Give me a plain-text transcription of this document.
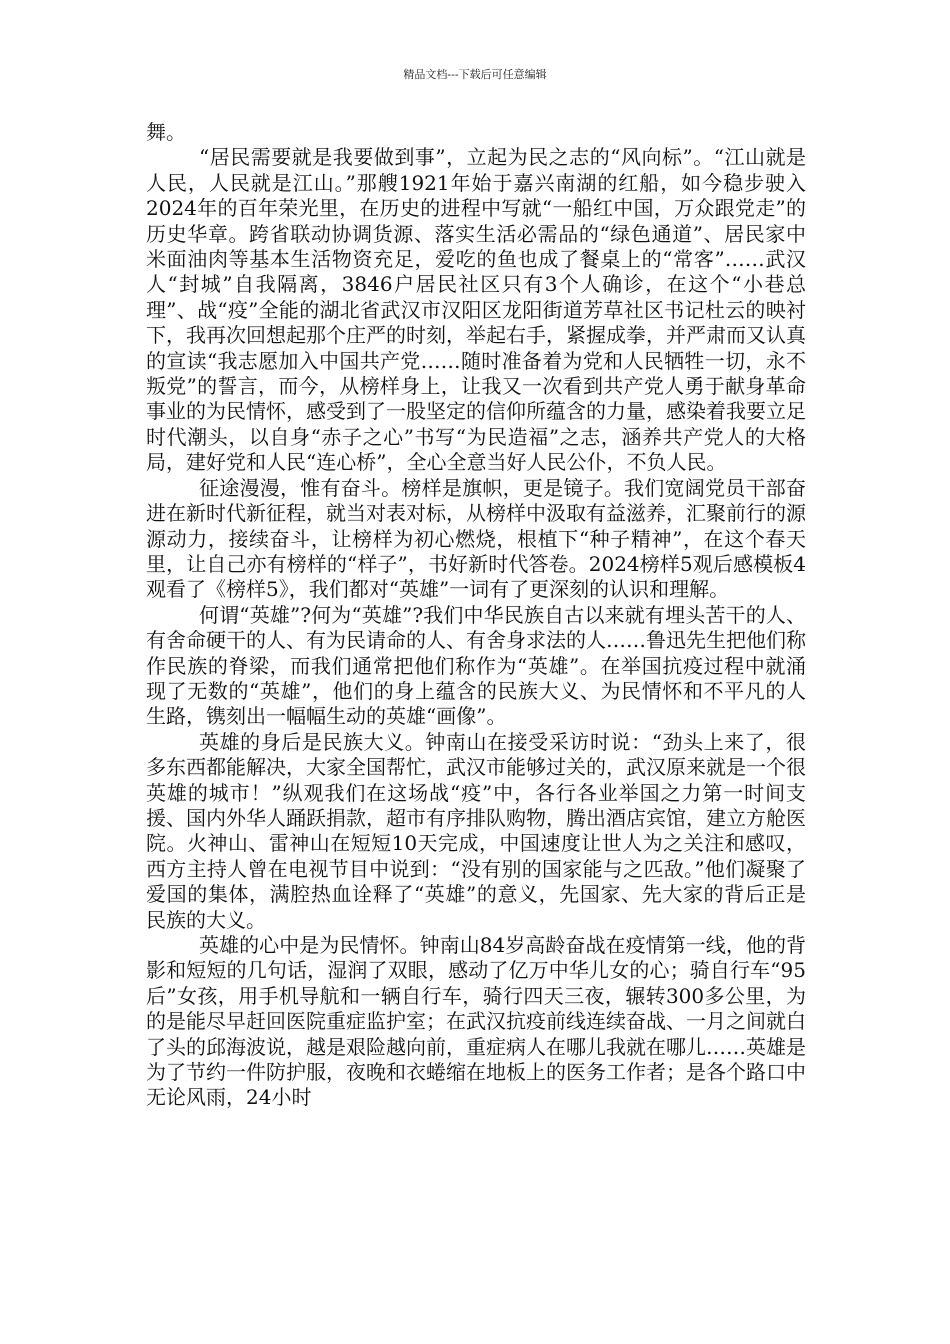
精品文档---下载后可任意编辑

舞。

“居民需要就是我要做到事”，立起为民之志的“风向标”。“江山就是人民，人民就是江山。”那艘1921年始于嘉兴南湖的红船，如今稳步驶入2024年的百年荣光里，在历史的进程中写就“一船红中国，万众跟党走”的历史华章。跨省联动协调货源、落实生活必需品的“绿色通道”、居民家中米面油肉等基本生活物资充足，爱吃的鱼也成了餐桌上的“常客”……武汉人“封城”自我隔离，3846户居民社区只有3个人确诊，在这个“小巷总理”、战“疫”全能的湖北省武汉市汉阳区龙阳街道芳草社区书记杜云的映衬下，我再次回想起那个庄严的时刻，举起右手，紧握成拳，并严肃而又认真的宣读“我志愿加入中国共产党……随时准备着为党和人民牺牲一切，永不叛党”的誓言，而今，从榜样身上，让我又一次看到共产党人勇于献身革命事业的为民情怀，感受到了一股坚定的信仰所蕴含的力量，感染着我要立足时代潮头，以自身“赤子之心”书写“为民造福”之志，涵养共产党人的大格局，建好党和人民“连心桥”，全心全意当好人民公仆，不负人民。

征途漫漫，惟有奋斗。榜样是旗帜，更是镜子。我们宽阔党员干部奋进在新时代新征程，就当对表对标，从榜样中汲取有益滋养，汇聚前行的源源动力，接续奋斗，让榜样为初心燃烧，根植下“种子精神”，在这个春天里，让自己亦有榜样的“样子”，书好新时代答卷。2024榜样5观后感模板4观看了《榜样5》，我们都对“英雄”一词有了更深刻的认识和理解。

何谓“英雄”?何为“英雄”?我们中华民族自古以来就有埋头苦干的人、有舍命硬干的人、有为民请命的人、有舍身求法的人……鲁迅先生把他们称作民族的脊梁，而我们通常把他们称作为“英雄”。在举国抗疫过程中就涌现了无数的“英雄”，他们的身上蕴含的民族大义、为民情怀和不平凡的人生路，镌刻出一幅幅生动的英雄“画像”。

英雄的身后是民族大义。钟南山在接受采访时说：“劲头上来了，很多东西都能解决，大家全国帮忙，武汉市能够过关的，武汉原来就是一个很英雄的城市！”纵观我们在这场战“疫”中，各行各业举国之力第一时间支援、国内外华人踊跃捐款，超市有序排队购物，腾出酒店宾馆，建立方舱医院。火神山、雷神山在短短10天完成，中国速度让世人为之关注和感叹，西方主持人曾在电视节目中说到：“没有别的国家能与之匹敌。”他们凝聚了爱国的集体，满腔热血诠释了“英雄”的意义，先国家、先大家的背后正是民族的大义。

英雄的心中是为民情怀。钟南山84岁高龄奋战在疫情第一线，他的背影和短短的几句话，湿润了双眼，感动了亿万中华儿女的心；骑自行车“95后”女孩，用手机导航和一辆自行车，骑行四天三夜，辗转300多公里，为的是能尽早赶回医院重症监护室；在武汉抗疫前线连续奋战、一月之间就白了头的邱海波说，越是艰险越向前，重症病人在哪儿我就在哪儿……英雄是为了节约一件防护服，夜晚和衣蜷缩在地板上的医务工作者；是各个路口中无论风雨，24小时
